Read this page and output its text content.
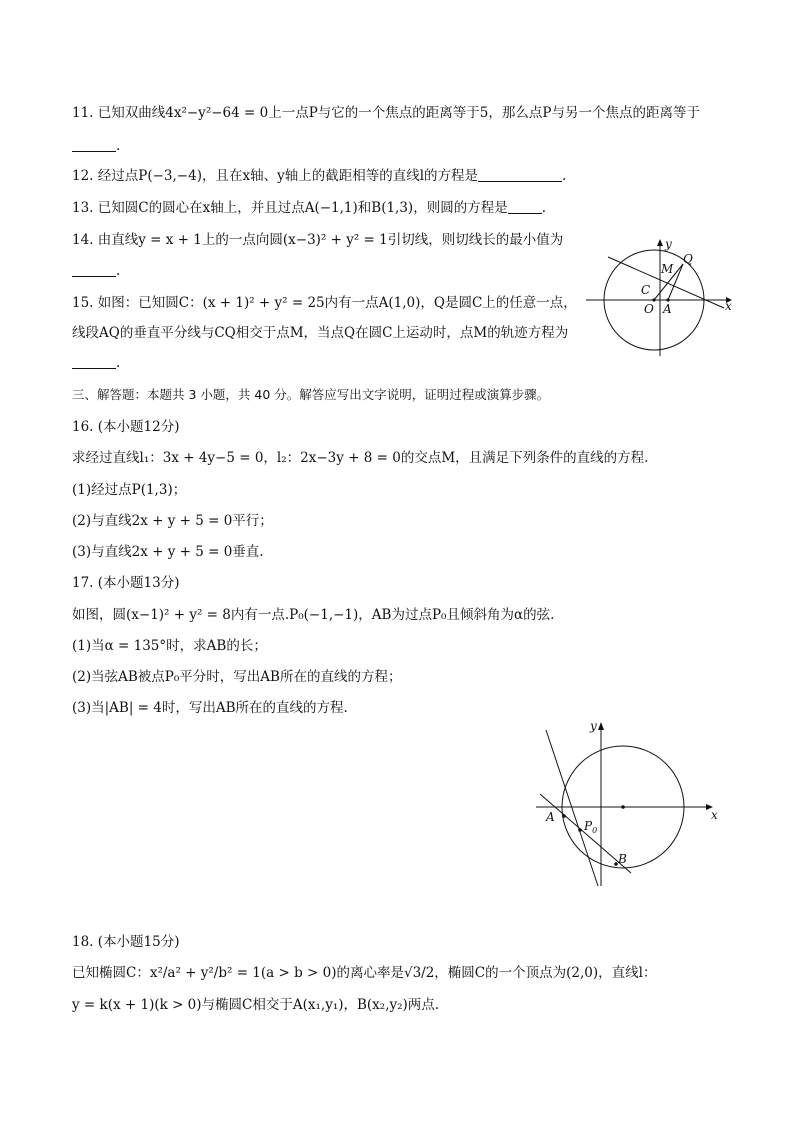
11. 已知双曲线4x²−y²−64 = 0上一点P与它的一个焦点的距离等于5，那么点P与另一个焦点的距离等于
.
12. 经过点P(−3,−4)，且在x轴、y轴上的截距相等的直线l的方程是	.
13. 已知圆C的圆心在x轴上，并且过点A(−1,1)和B(1,3)，则圆的方程是	.
14. 由直线y = x + 1上的一点向圆(x−3)² + y² = 1引切线，则切线长的最小值为
.
15. 如图：已知圆C：(x + 1)² + y² = 25内有一点A(1,0)，Q是圆C上的任意一点，
线段AQ的垂直平分线与CQ相交于点M，当点Q在圆C上运动时，点M的轨迹方程为
.
y
x
Q
M
C
O A
三、解答题：本题共 3 小题，共 40 分。解答应写出文字说明，证明过程或演算步骤。
16. (本小题12分)
求经过直线l₁：3x + 4y−5 = 0，l₂：2x−3y + 8 = 0的交点M，且满足下列条件的直线的方程.
(1)经过点P(1,3)；
(2)与直线2x + y + 5 = 0平行；
(3)与直线2x + y + 5 = 0垂直.
17. (本小题13分)
如图，圆(x−1)² + y² = 8内有一点.P₀(−1,−1)，AB为过点P₀且倾斜角为α的弦.
(1)当α = 135°时，求AB的长；
(2)当弦AB被点P₀平分时，写出AB所在的直线的方程；
(3)当|AB| = 4时，写出AB所在的直线的方程.
y
x
A
$P_0$
B
18. (本小题15分)
已知椭圆C：x²/a² + y²/b² = 1(a > b > 0)的离心率是√3/2，椭圆C的一个顶点为(2,0)，直线l：
y = k(x + 1)(k > 0)与椭圆C相交于A(x₁,y₁)，B(x₂,y₂)两点.
